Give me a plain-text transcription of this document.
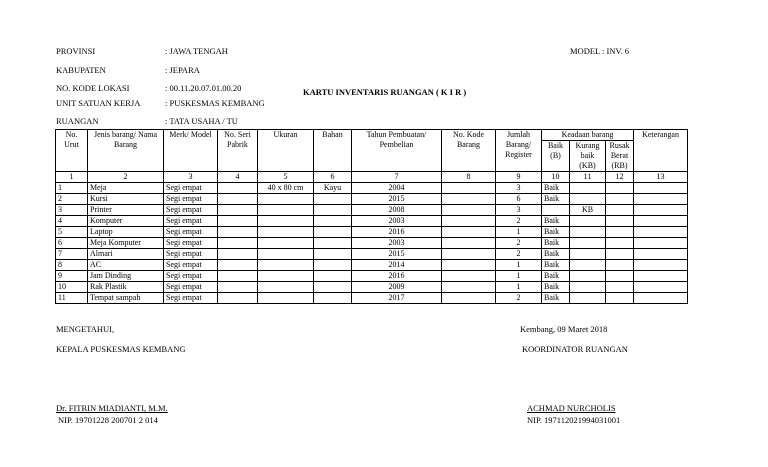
PROVINSI	: JAWA TENGAH	MODEL : INV. 6
KABUPATEN	: JEPARA
NO. KODE LOKASI	: 00.11.20.07.01.00.20	KARTU INVENTARIS RUANGAN ( K I R )
UNIT SATUAN KERJA	: PUSKESMAS KEMBANG
RUANGAN	: TATA USAHA / TU
No. Urut	Jenis barang/ Nama Barang	Merk/ Model	No. Seri Pabrik	Ukuran	Bahan	Tahun Pembuatan/ Pembelian	No. Kode Barang	Jumlah Barang/ Register	Keadaan barang			Keterangan
									Baik (B)	Kurang baik (KB)	Rusak Berat (RB)	
1	2	3	4	5	6	7	8	9	10	11	12	13
1	Meja	Segi empat		40 x 80 cm	Kayu	2004		3	Baik			
2	Kursi	Segi empat				2015		6	Baik			
3	Printer	Segi empat				2008		3		KB		
4	Komputer	Segi empat				2003		2	Baik			
5	Laptop	Segi empat				2016		1	Baik			
6	Meja Komputer	Segi empat				2003		2	Baik			
7	Almari	Segi empat				2015		2	Baik			
8	AC	Segi empat				2014		1	Baik			
9	Jam Dinding	Segi empat				2016		1	Baik			
10	Rak Plastik	Segi empat				2009		1	Baik			
11	Tempat sampah	Segi empat				2017		2	Baik			
MENGETAHUI,	Kembang, 09 Maret 2018
KEPALA PUSKESMAS KEMBANG	KOORDINATOR RUANGAN
Dr. FITRIN MIADIANTI, M.M.
NIP. 19701228 200701 2 014
ACHMAD NURCHOLIS
NIP. 197112021994031001
